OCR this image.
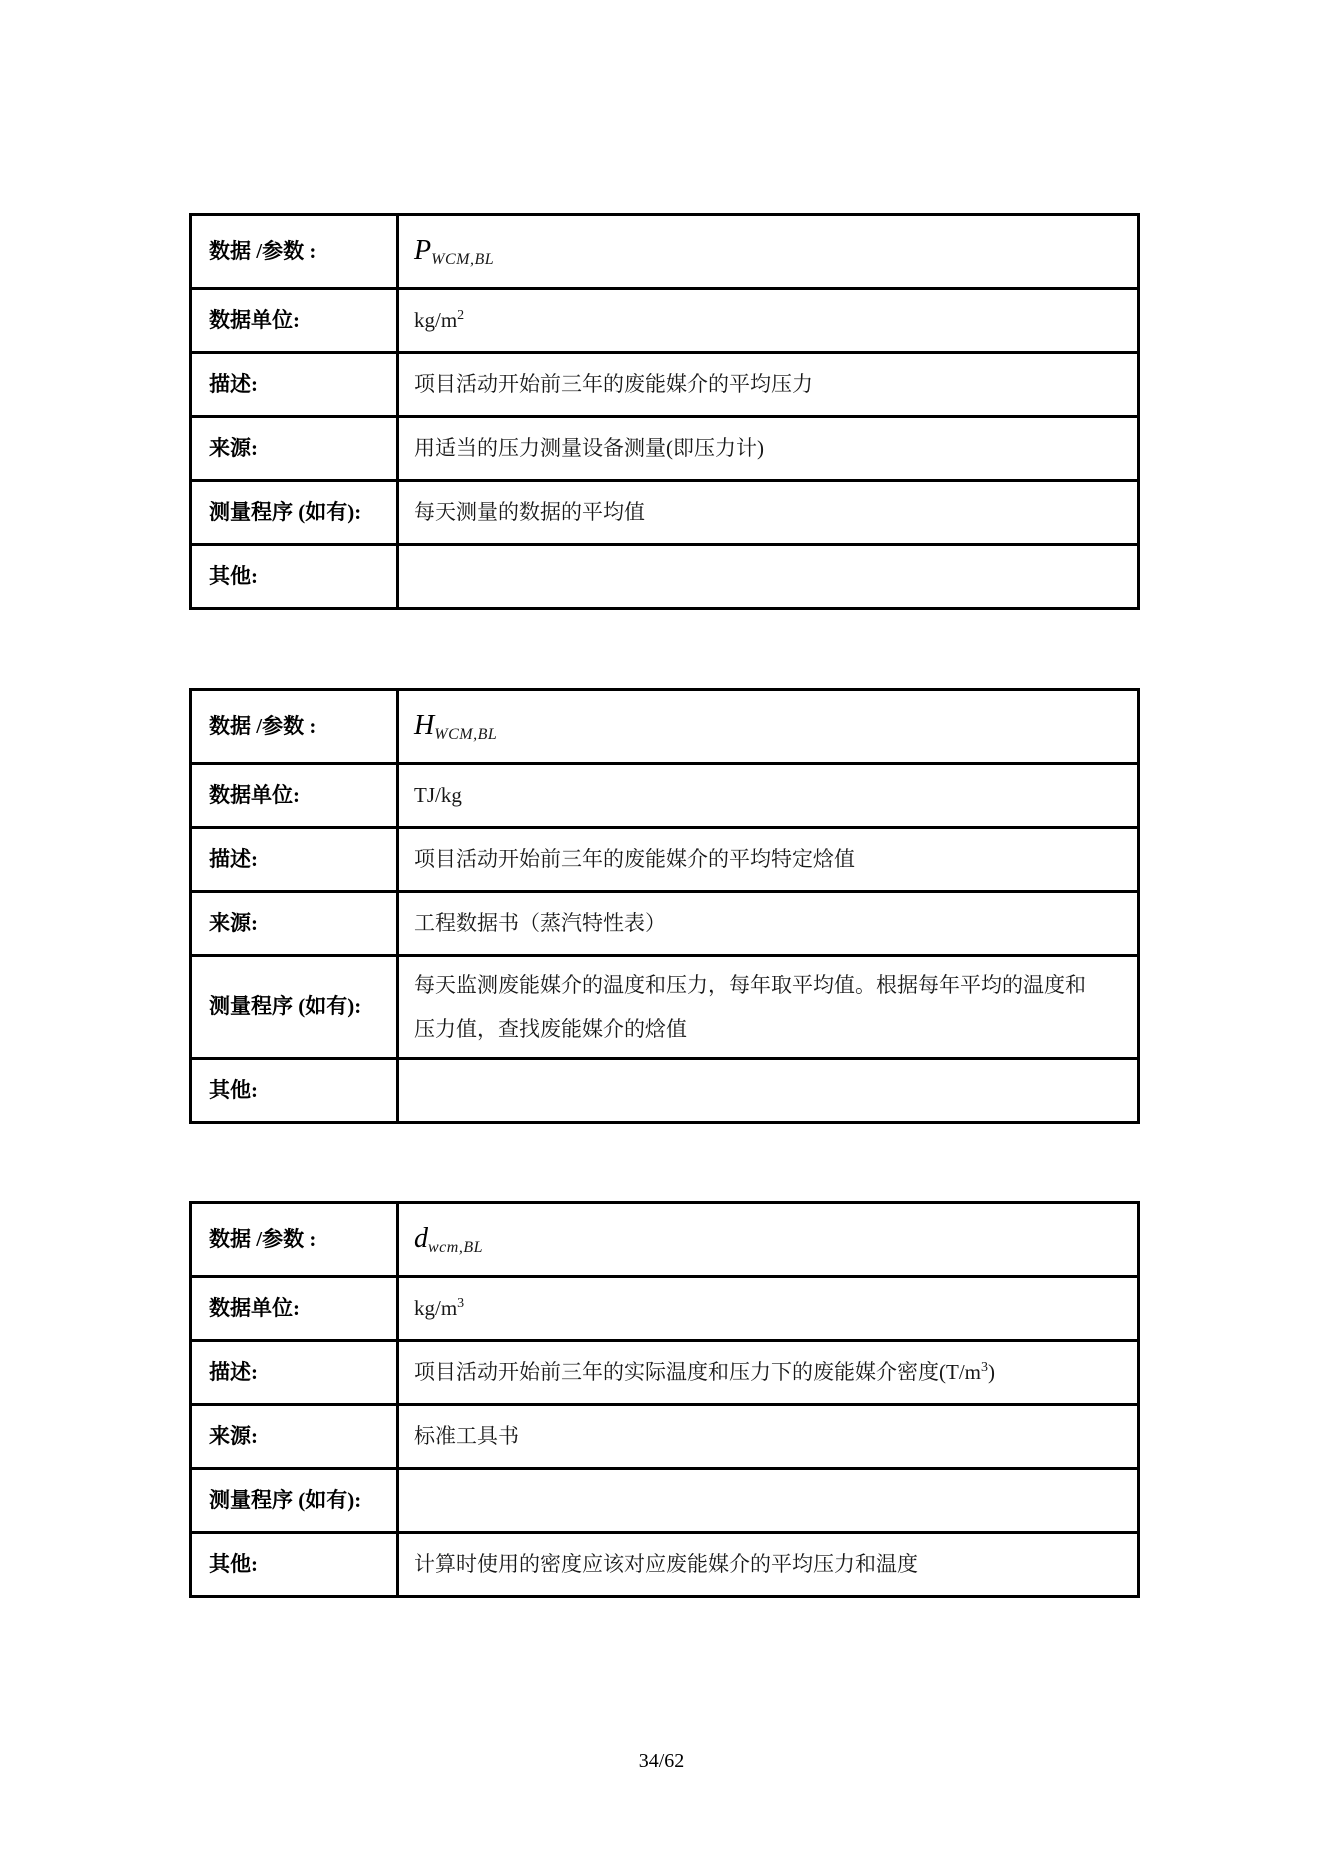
数据 /参数 :	$P_{WCM,BL}$
数据单位:	$kg/m^2$
描述:	项目活动开始前三年的废能媒介的平均压力
来源:	用适当的压力测量设备测量(即压力计)
测量程序 (如有):	每天测量的数据的平均值
其他:	
数据 /参数 :	$H_{WCM,BL}$
数据单位:	TJ/kg
描述:	项目活动开始前三年的废能媒介的平均特定焓值
来源:	工程数据书（蒸汽特性表）
测量程序 (如有):	每天监测废能媒介的温度和压力，每年取平均值。根据每年平均的温度和压力值，查找废能媒介的焓值
其他:	
数据 /参数 :	$d_{wcm,BL}$
数据单位:	$kg/m^3$
描述:	项目活动开始前三年的实际温度和压力下的废能媒介密度$(T/m^3)$
来源:	标准工具书
测量程序 (如有):	
其他:	计算时使用的密度应该对应废能媒介的平均压力和温度
34/62
